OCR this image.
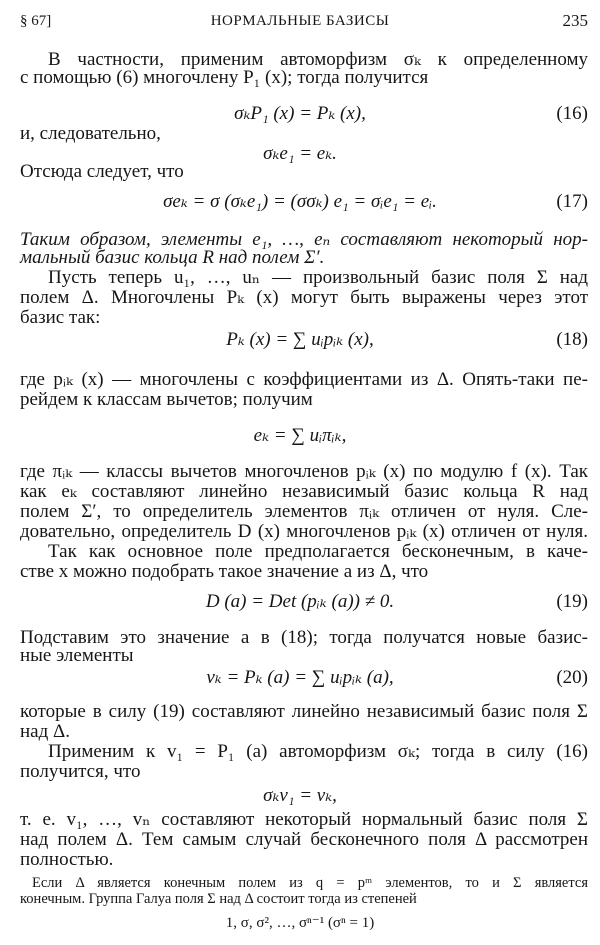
§ 67]	НОРМАЛЬНЫЕ БАЗИСЫ	235
В частности, применим автоморфизм σₖ к определенному
с помощью (6) многочлену P₁ (x); тогда получится
σₖP₁ (x) = Pₖ (x),	(16)
и, следовательно,
σₖe₁ = eₖ.
Отсюда следует, что
σeₖ = σ (σₖe₁) = (σσₖ) e₁ = σᵢe₁ = eᵢ.	(17)
Таким образом, элементы e₁, …, eₙ составляют некоторый нор-
мальный базис кольца R над полем Σ′.
Пусть теперь u₁, …, uₙ — произвольный базис поля Σ над
полем Δ. Многочлены Pₖ (x) могут быть выражены через этот
базис так:
Pₖ (x) = ∑ uᵢpᵢₖ (x),	(18)
где pᵢₖ (x) — многочлены с коэффициентами из Δ. Опять-таки пе-
рейдем к классам вычетов; получим
eₖ = ∑ uᵢπᵢₖ,
где πᵢₖ — классы вычетов многочленов pᵢₖ (x) по модулю f (x). Так
как eₖ составляют линейно независимый базис кольца R над
полем Σ′, то определитель элементов πᵢₖ отличен от нуля. Сле-
довательно, определитель D (x) многочленов pᵢₖ (x) отличен от нуля.
Так как основное поле предполагается бесконечным, в каче-
стве x можно подобрать такое значение a из Δ, что
D (a) = Det (pᵢₖ (a)) ≠ 0.	(19)
Подставим это значение a в (18); тогда получатся новые базис-
ные элементы
vₖ = Pₖ (a) = ∑ uᵢpᵢₖ (a),	(20)
которые в силу (19) составляют линейно независимый базис поля Σ
над Δ.
Применим к v₁ = P₁ (a) автоморфизм σₖ; тогда в силу (16)
получится, что
σₖv₁ = vₖ,
т. е. v₁, …, vₙ составляют некоторый нормальный базис поля Σ
над полем Δ. Тем самым случай бесконечного поля Δ рассмотрен
полностью.
Если Δ является конечным полем из q = pᵐ элементов, то и Σ является
конечным. Группа Галуа поля Σ над Δ состоит тогда из степеней
1, σ, σ², …, σⁿ⁻¹ (σⁿ = 1)
